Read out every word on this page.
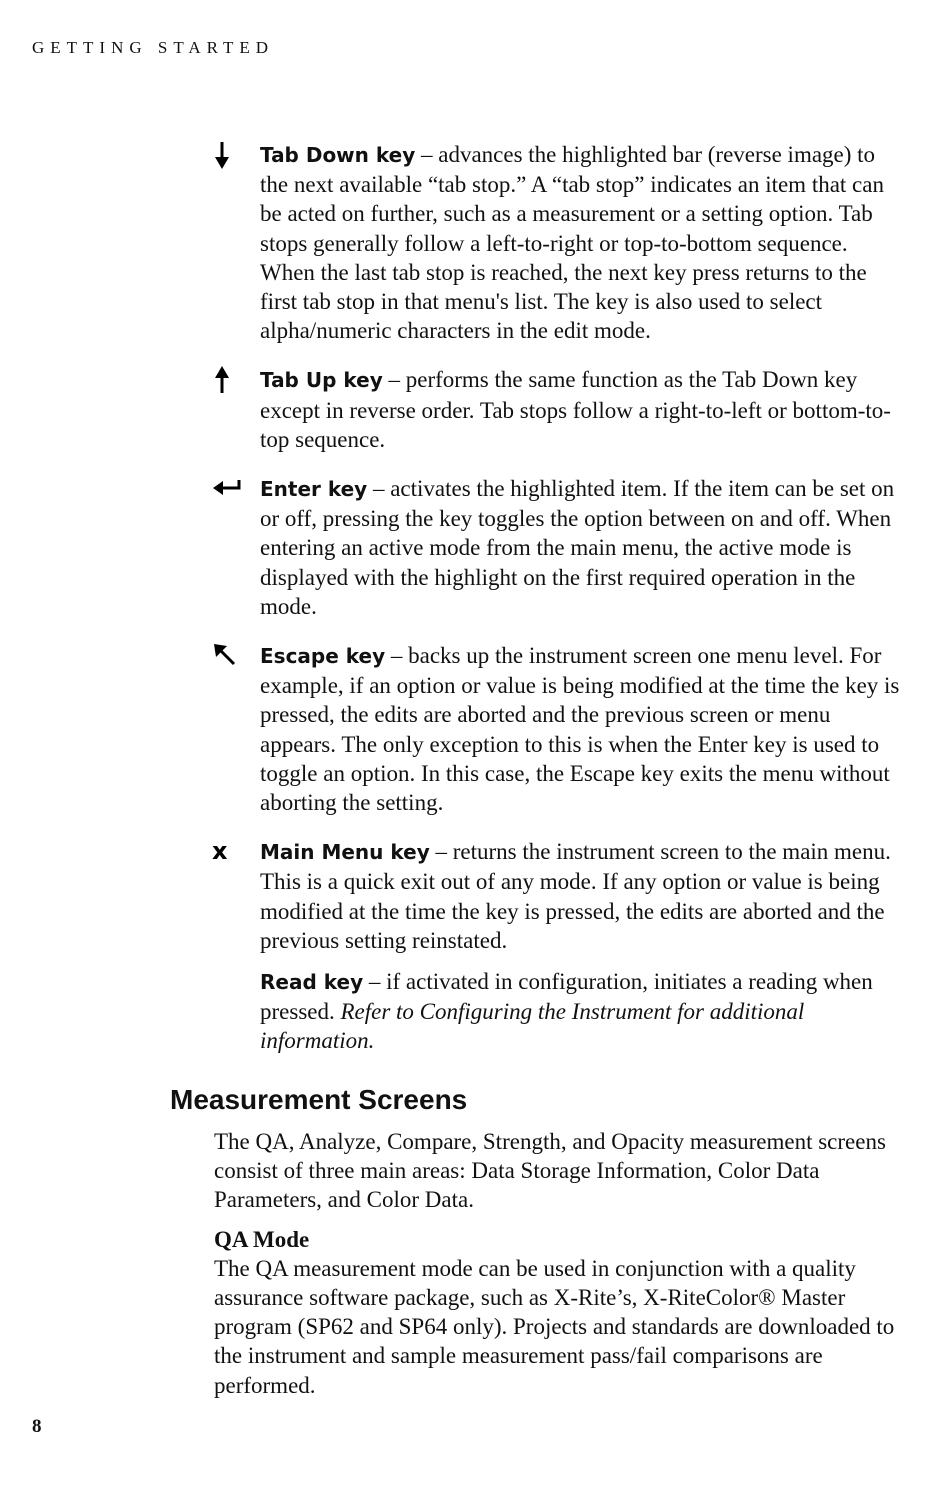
GETTING STARTED

Tab Down key – advances the highlighted bar (reverse image) to the next available “tab stop.” A “tab stop” indicates an item that can be acted on further, such as a measurement or a setting option. Tab stops generally follow a left-to-right or top-to-bottom sequence. When the last tab stop is reached, the next key press returns to the first tab stop in that menu's list. The key is also used to select alpha/numeric characters in the edit mode.

Tab Up key – performs the same function as the Tab Down key except in reverse order. Tab stops follow a right-to-left or bottom-to-top sequence.

Enter key – activates the highlighted item. If the item can be set on or off, pressing the key toggles the option between on and off. When entering an active mode from the main menu, the active mode is displayed with the highlight on the first required operation in the mode.

Escape key – backs up the instrument screen one menu level. For example, if an option or value is being modified at the time the key is pressed, the edits are aborted and the previous screen or menu appears. The only exception to this is when the Enter key is used to toggle an option. In this case, the Escape key exits the menu without aborting the setting.

x	Main Menu key – returns the instrument screen to the main menu. This is a quick exit out of any mode. If any option or value is being modified at the time the key is pressed, the edits are aborted and the previous setting reinstated.

Read key – if activated in configuration, initiates a reading when pressed. Refer to Configuring the Instrument for additional information.

Measurement Screens

The QA, Analyze, Compare, Strength, and Opacity measurement screens consist of three main areas: Data Storage Information, Color Data Parameters, and Color Data.

QA Mode

The QA measurement mode can be used in conjunction with a quality assurance software package, such as X-Rite’s, X-RiteColor® Master program (SP62 and SP64 only). Projects and standards are downloaded to the instrument and sample measurement pass/fail comparisons are performed.

8
